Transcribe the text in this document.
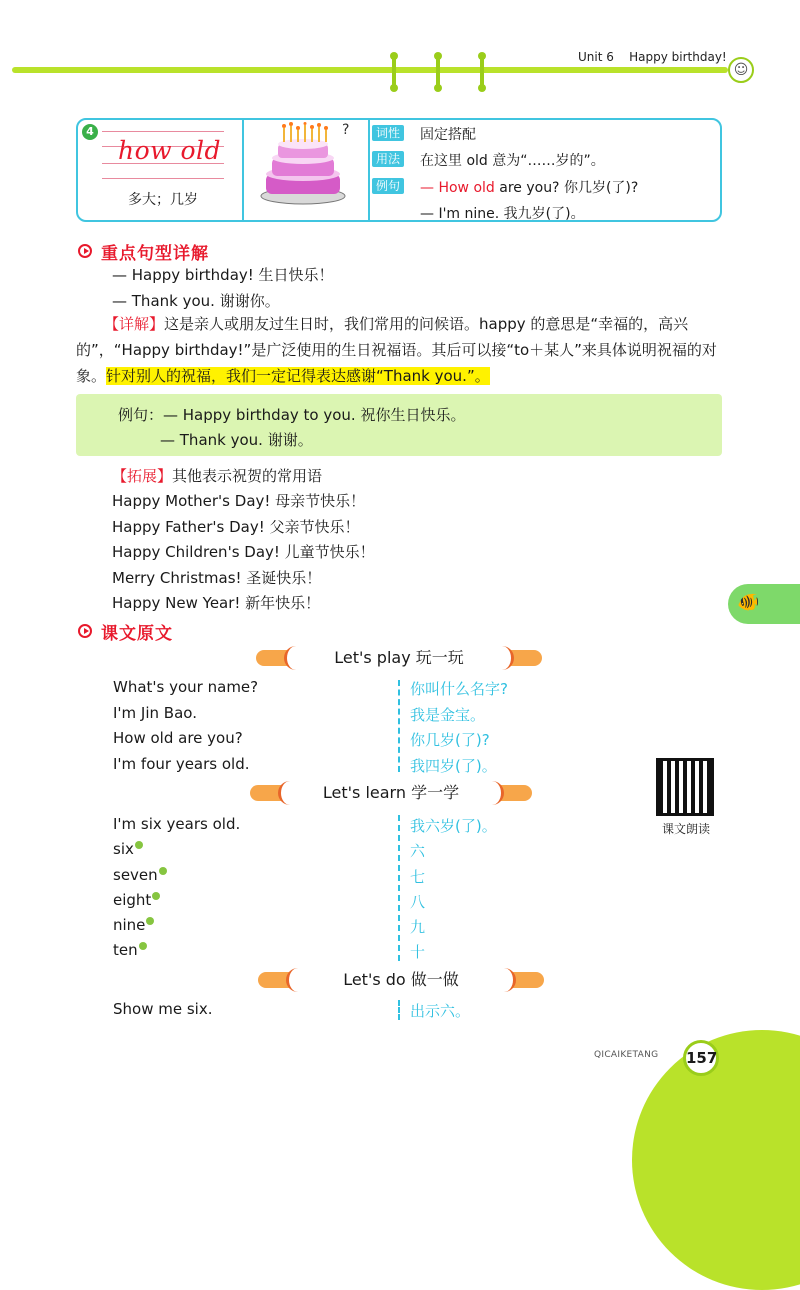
Unit 6    Happy birthday!
☺
4
how old
多大；几岁
?	词性 固定搭配
用法 在这里 old 意为“……岁的”。
例句 — How old are you? 你几岁(了)?
— I'm nine. 我九岁(了)。
重点句型详解
— Happy birthday! 生日快乐！
— Thank you. 谢谢你。
【详解】这是亲人或朋友过生日时，我们常用的问候语。happy 的意思是“幸福的，高兴的”，“Happy birthday!”是广泛使用的生日祝福语。其后可以接“to＋某人”来具体说明祝福的对象。针对别人的祝福，我们一定记得表达感谢“Thank you.”。
例句：— Happy birthday to you. 祝你生日快乐。
— Thank you. 谢谢。
【拓展】其他表示祝贺的常用语
Happy Mother's Day! 母亲节快乐！
Happy Father's Day! 父亲节快乐！
Happy Children's Day! 儿童节快乐！
Merry Christmas! 圣诞快乐！
Happy New Year! 新年快乐！	🐠
课文原文
Let's play 玩一玩
What's your name?	你叫什么名字?
I'm Jin Bao.	我是金宝。
How old are you?	你几岁(了)?
I'm four years old.	我四岁(了)。
Let's learn 学一学
I'm six years old.	我六岁(了)。
six	六
seven	七
eight	八
nine	九
ten	十
Let's do 做一做
Show me six.	出示六。
课文朗读
QICAIKETANG 157
